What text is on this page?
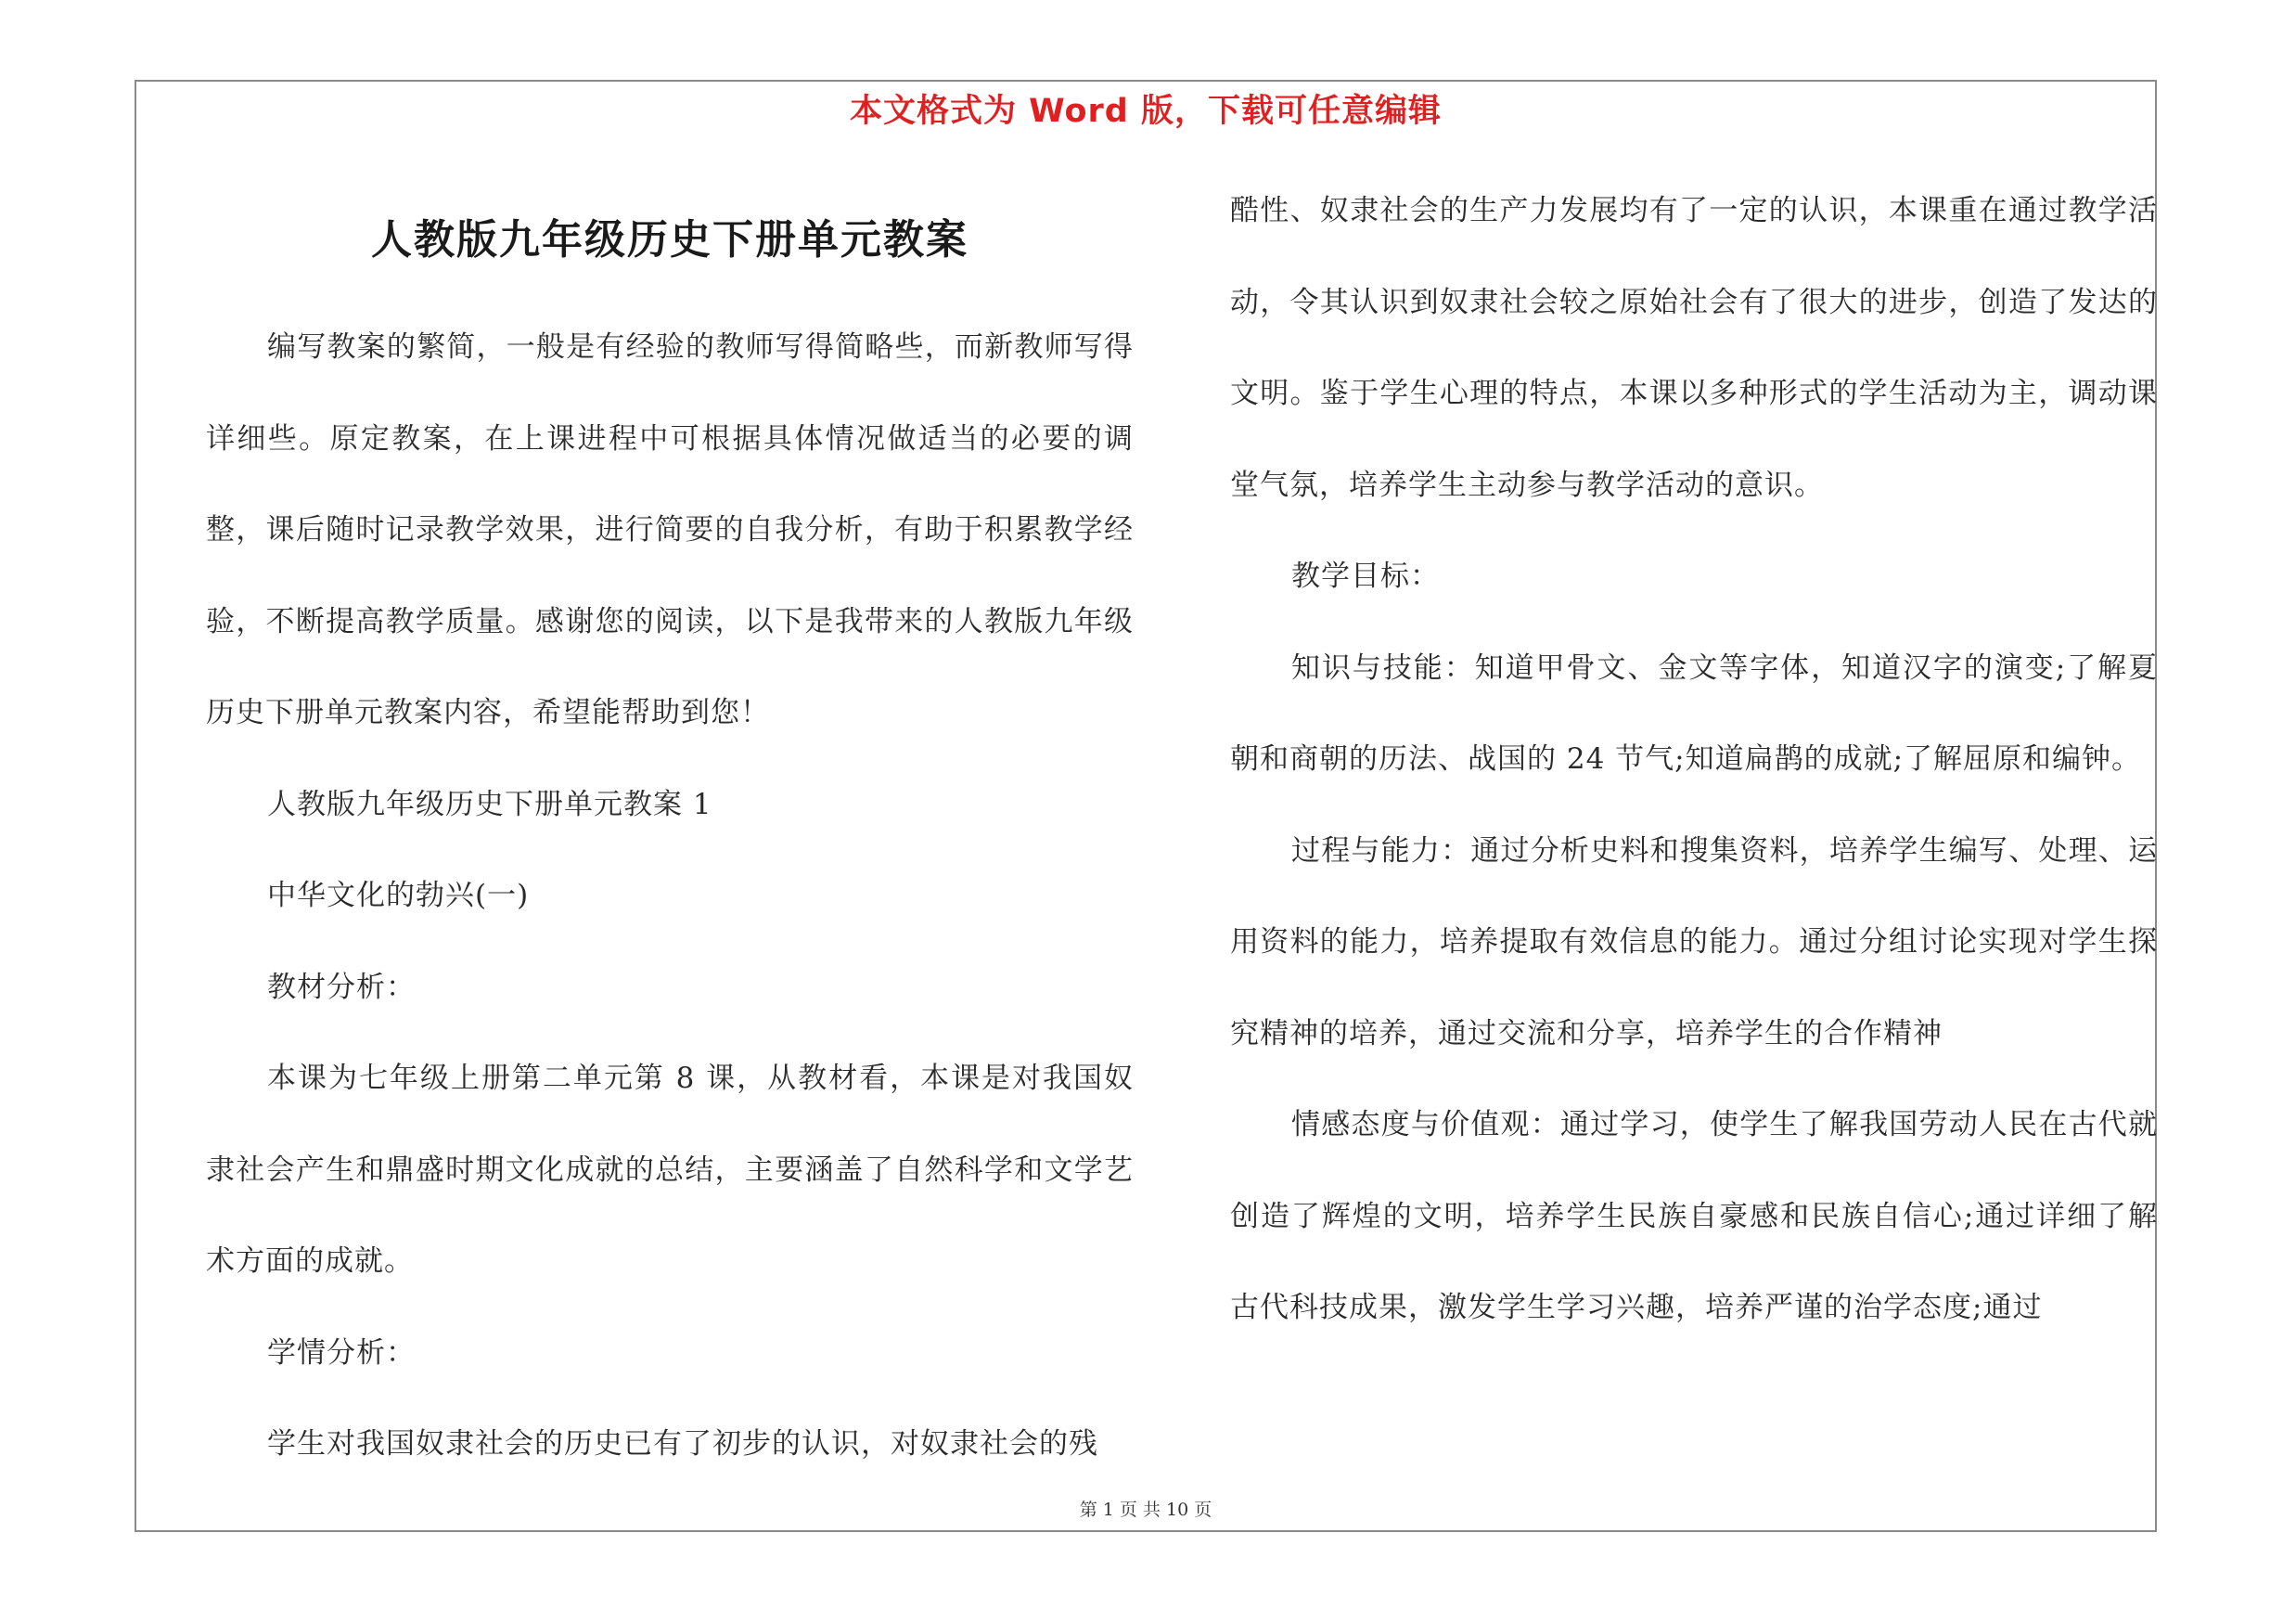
本文格式为 Word 版，下载可任意编辑
人教版九年级历史下册单元教案

编写教案的繁简，一般是有经验的教师写得简略些，而新教师写得详细些。原定教案，在上课进程中可根据具体情况做适当的必要的调整，课后随时记录教学效果，进行简要的自我分析，有助于积累教学经验，不断提高教学质量。感谢您的阅读，以下是我带来的人教版九年级历史下册单元教案内容，希望能帮助到您！

人教版九年级历史下册单元教案 1

中华文化的勃兴(一)

教材分析：

本课为七年级上册第二单元第 8 课，从教材看，本课是对我国奴隶社会产生和鼎盛时期文化成就的总结，主要涵盖了自然科学和文学艺术方面的成就。

学情分析：

学生对我国奴隶社会的历史已有了初步的认识，对奴隶社会的残

酷性、奴隶社会的生产力发展均有了一定的认识，本课重在通过教学活动，令其认识到奴隶社会较之原始社会有了很大的进步，创造了发达的文明。鉴于学生心理的特点，本课以多种形式的学生活动为主，调动课堂气氛，培养学生主动参与教学活动的意识。

教学目标：

知识与技能：知道甲骨文、金文等字体，知道汉字的演变;了解夏朝和商朝的历法、战国的 24 节气;知道扁鹊的成就;了解屈原和编钟。

过程与能力：通过分析史料和搜集资料，培养学生编写、处理、运用资料的能力，培养提取有效信息的能力。通过分组讨论实现对学生探究精神的培养，通过交流和分享，培养学生的合作精神

情感态度与价值观：通过学习，使学生了解我国劳动人民在古代就创造了辉煌的文明，培养学生民族自豪感和民族自信心;通过详细了解古代科技成果，激发学生学习兴趣，培养严谨的治学态度;通过

第 1 页 共 10 页
